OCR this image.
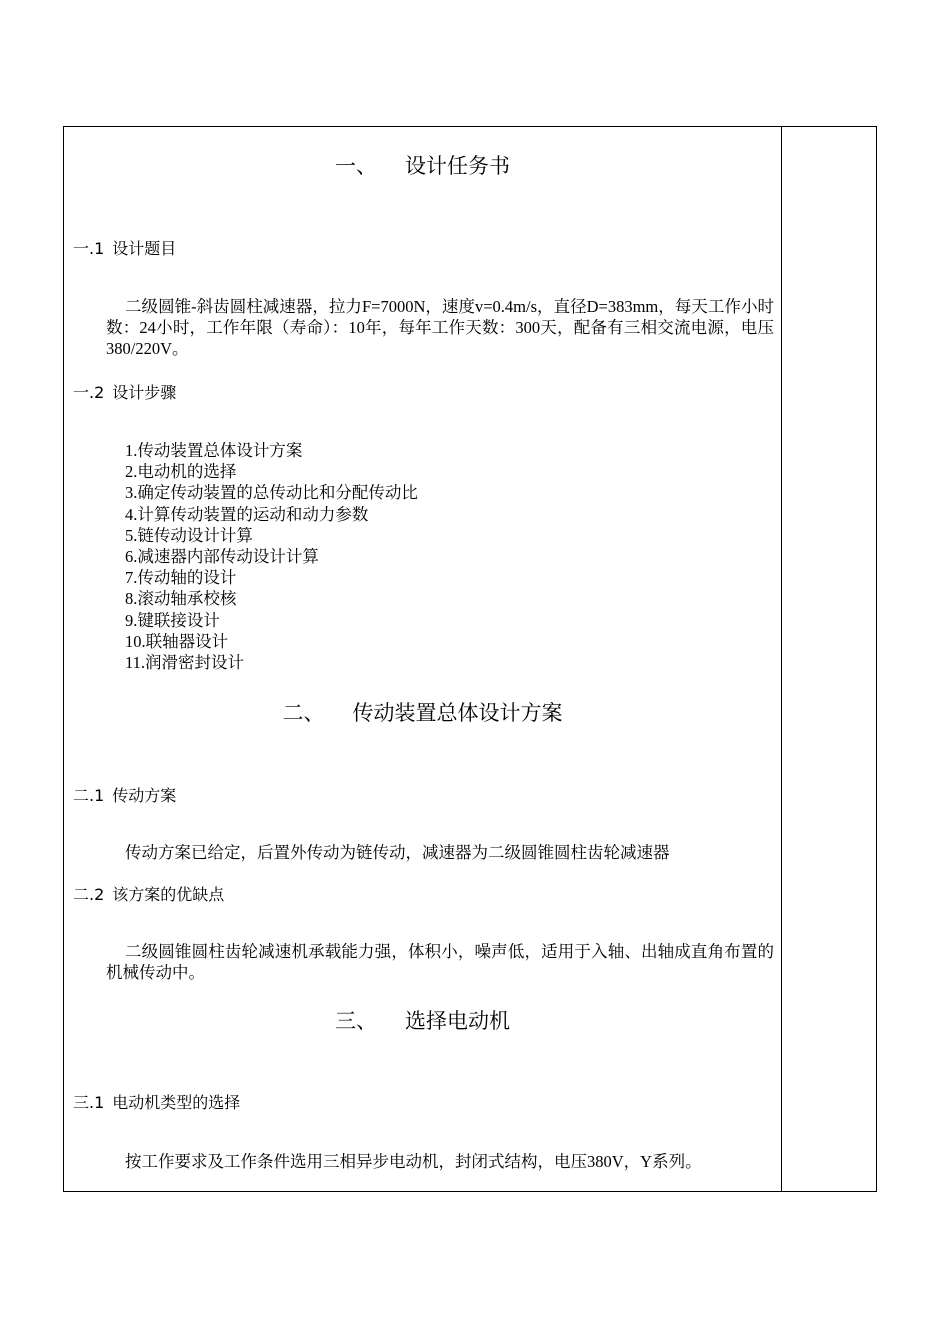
一、 设计任务书
一.1 设计题目

二级圆锥-斜齿圆柱减速器，拉力F=7000N，速度v=0.4m/s，直径D=383mm，每天工作小时数：24小时，工作年限（寿命）：10年，每年工作天数：300天，配备有三相交流电源，电压380/220V。

一.2 设计步骤
1.传动装置总体设计方案
2.电动机的选择
3.确定传动装置的总传动比和分配传动比
4.计算传动装置的运动和动力参数
5.链传动设计计算
6.减速器内部传动设计计算
7.传动轴的设计
8.滚动轴承校核
9.键联接设计
10.联轴器设计
11.润滑密封设计
二、 传动装置总体设计方案
二.1 传动方案

传动方案已给定，后置外传动为链传动，减速器为二级圆锥圆柱齿轮减速器

二.2 该方案的优缺点

二级圆锥圆柱齿轮减速机承载能力强，体积小，噪声低，适用于入轴、出轴成直角布置的机械传动中。

三、 选择电动机
三.1 电动机类型的选择

按工作要求及工作条件选用三相异步电动机，封闭式结构，电压380V，Y系列。
